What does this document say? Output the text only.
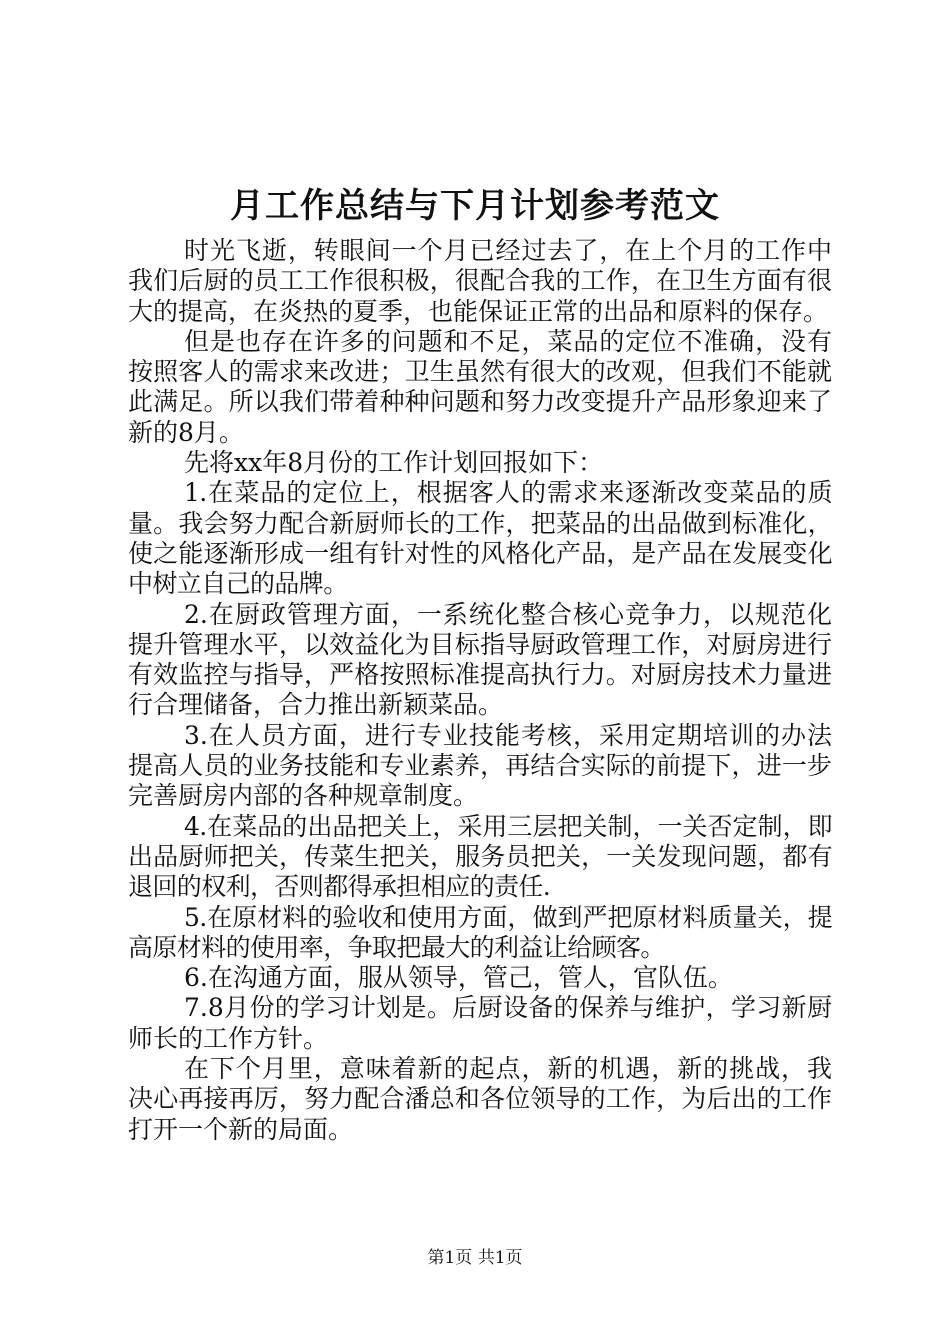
月工作总结与下月计划参考范文

时光飞逝，转眼间一个月已经过去了，在上个月的工作中我们后厨的员工工作很积极，很配合我的工作，在卫生方面有很大的提高，在炎热的夏季，也能保证正常的出品和原料的保存。

但是也存在许多的问题和不足，菜品的定位不准确，没有按照客人的需求来改进；卫生虽然有很大的改观，但我们不能就此满足。所以我们带着种种问题和努力改变提升产品形象迎来了新的8月。

先将xx年8月份的工作计划回报如下：

1.在菜品的定位上，根据客人的需求来逐渐改变菜品的质量。我会努力配合新厨师长的工作，把菜品的出品做到标准化，使之能逐渐形成一组有针对性的风格化产品，是产品在发展变化中树立自己的品牌。

2.在厨政管理方面，一系统化整合核心竞争力，以规范化提升管理水平，以效益化为目标指导厨政管理工作，对厨房进行有效监控与指导，严格按照标准提高执行力。对厨房技术力量进行合理储备，合力推出新颖菜品。

3.在人员方面，进行专业技能考核，采用定期培训的办法提高人员的业务技能和专业素养，再结合实际的前提下，进一步完善厨房内部的各种规章制度。

4.在菜品的出品把关上，采用三层把关制，一关否定制，即出品厨师把关，传菜生把关，服务员把关，一关发现问题，都有退回的权利，否则都得承担相应的责任.

5.在原材料的验收和使用方面，做到严把原材料质量关，提高原材料的使用率，争取把最大的利益让给顾客。

6.在沟通方面，服从领导，管己，管人，官队伍。

7.8月份的学习计划是。后厨设备的保养与维护，学习新厨师长的工作方针。

在下个月里，意味着新的起点，新的机遇，新的挑战，我决心再接再厉，努力配合潘总和各位领导的工作，为后出的工作打开一个新的局面。

第1页 共1页
